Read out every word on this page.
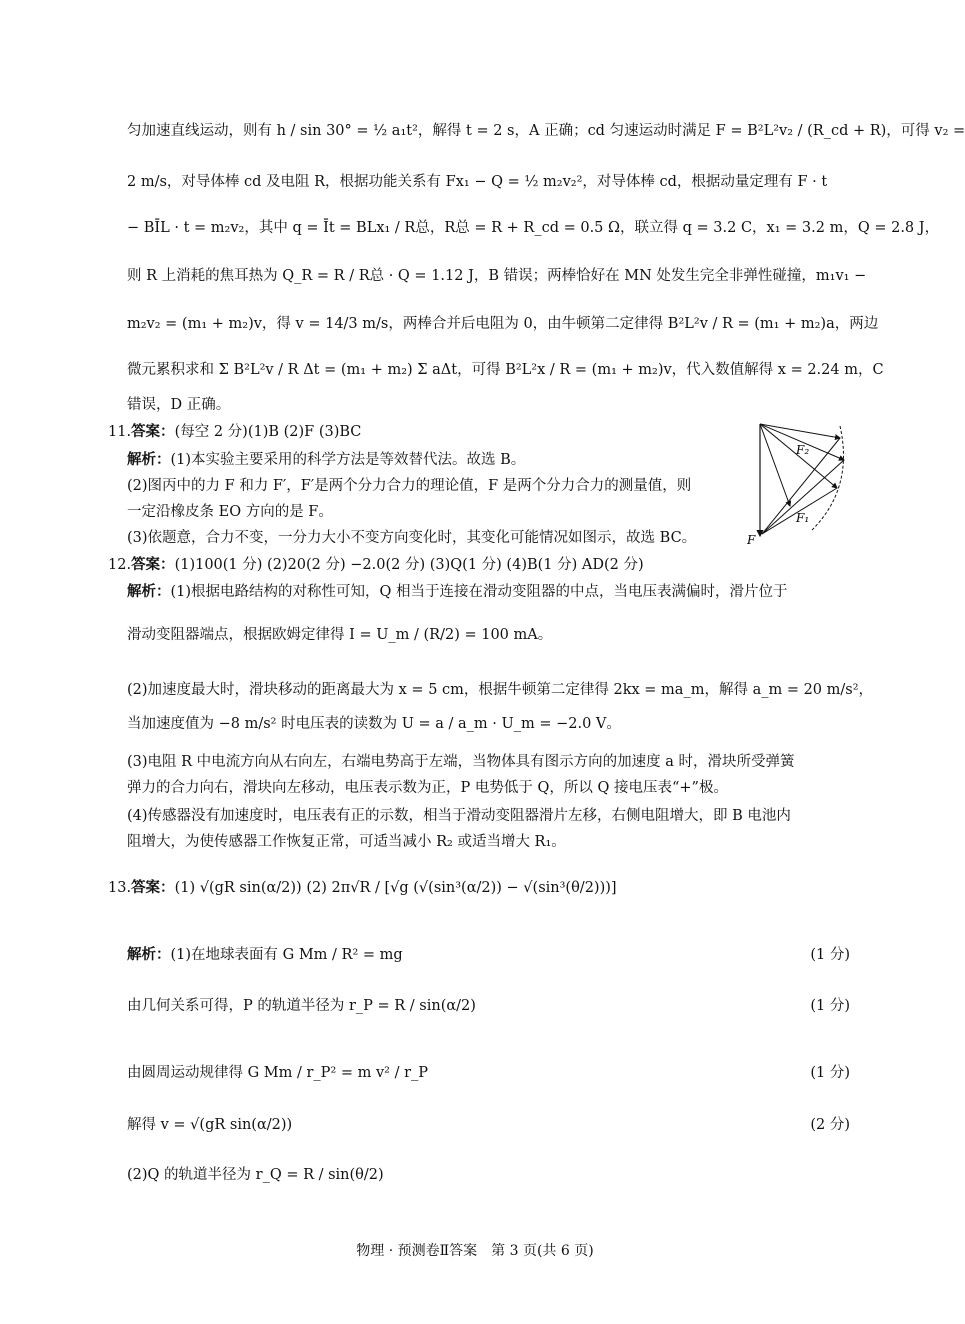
匀加速直线运动，则有 h / sin 30° = ½ a₁t²，解得 t = 2 s，A 正确；cd 匀速运动时满足 F = B²L²v₂ / (R_cd + R)，可得 v₂ =
2 m/s，对导体棒 cd 及电阻 R，根据功能关系有 Fx₁ − Q = ½ m₂v₂²，对导体棒 cd，根据动量定理有 F · t
− BĪL · t = m₂v₂，其中 q = Īt = BLx₁ / R总，R总 = R + R_cd = 0.5 Ω，联立得 q = 3.2 C，x₁ = 3.2 m，Q = 2.8 J，
则 R 上消耗的焦耳热为 Q_R = R / R总 · Q = 1.12 J，B 错误；两棒恰好在 MN 处发生完全非弹性碰撞，m₁v₁ −
m₂v₂ = (m₁ + m₂)v，得 v = 14/3 m/s，两棒合并后电阻为 0，由牛顿第二定律得 B²L²v / R = (m₁ + m₂)a，两边
微元累积求和 Σ B²L²v / R Δt = (m₁ + m₂) Σ aΔt，可得 B²L²x / R = (m₁ + m₂)v，代入数值解得 x = 2.24 m，C
错误，D 正确。
11.答案：(每空 2 分)(1)B (2)F (3)BC
解析：(1)本实验主要采用的科学方法是等效替代法。故选 B。
(2)图丙中的力 F 和力 F′，F′是两个分力合力的理论值，F 是两个分力合力的测量值，则
一定沿橡皮条 EO 方向的是 F。
(3)依题意，合力不变，一分力大小不变方向变化时，其变化可能情况如图示，故选 BC。
F₂
F₁
F
12.答案：(1)100(1 分) (2)20(2 分) −2.0(2 分) (3)Q(1 分) (4)B(1 分) AD(2 分)
解析：(1)根据电路结构的对称性可知，Q 相当于连接在滑动变阻器的中点，当电压表满偏时，滑片位于
滑动变阻器端点，根据欧姆定律得 I = U_m / (R/2) = 100 mA。
(2)加速度最大时，滑块移动的距离最大为 x = 5 cm，根据牛顿第二定律得 2kx = ma_m，解得 a_m = 20 m/s²，
当加速度值为 −8 m/s² 时电压表的读数为 U = a / a_m · U_m = −2.0 V。
(3)电阻 R 中电流方向从右向左，右端电势高于左端，当物体具有图示方向的加速度 a 时，滑块所受弹簧
弹力的合力向右，滑块向左移动，电压表示数为正，P 电势低于 Q，所以 Q 接电压表“+”极。
(4)传感器没有加速度时，电压表有正的示数，相当于滑动变阻器滑片左移，右侧电阻增大，即 B 电池内
阻增大，为使传感器工作恢复正常，可适当减小 R₂ 或适当增大 R₁。
13.答案：(1) √(gR sin(α/2)) (2) 2π√R / [√g (√(sin³(α/2)) − √(sin³(θ/2)))]
解析：(1)在地球表面有 G Mm / R² = mg	(1 分)
由几何关系可得，P 的轨道半径为 r_P = R / sin(α/2)	(1 分)
由圆周运动规律得 G Mm / r_P² = m v² / r_P	(1 分)
解得 v = √(gR sin(α/2))	(2 分)
(2)Q 的轨道半径为 r_Q = R / sin(θ/2)
物理 · 预测卷Ⅱ答案　第 3 页(共 6 页)
